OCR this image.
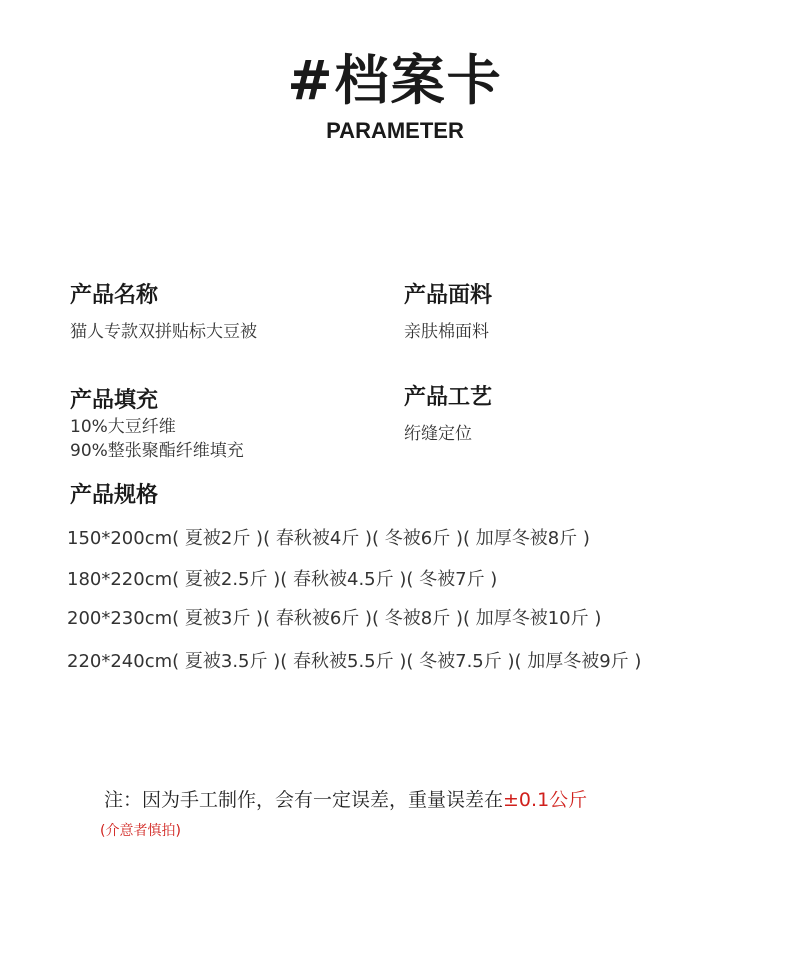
#档案卡
PARAMETER
产品名称
猫人专款双拼贴标大豆被
产品面料
亲肤棉面料
产品填充
10%大豆纤维
90%整张聚酯纤维填充
产品工艺
绗缝定位
产品规格
150*200cm( 夏被2斤 )( 春秋被4斤 )( 冬被6斤 )( 加厚冬被8斤 )
180*220cm( 夏被2.5斤 )( 春秋被4.5斤 )( 冬被7斤 )
200*230cm( 夏被3斤 )( 春秋被6斤 )( 冬被8斤 )( 加厚冬被10斤 )
220*240cm( 夏被3.5斤 )( 春秋被5.5斤 )( 冬被7.5斤 )( 加厚冬被9斤 )
注：因为手工制作，会有一定误差，重量误差在±0.1公斤
(介意者慎拍)
